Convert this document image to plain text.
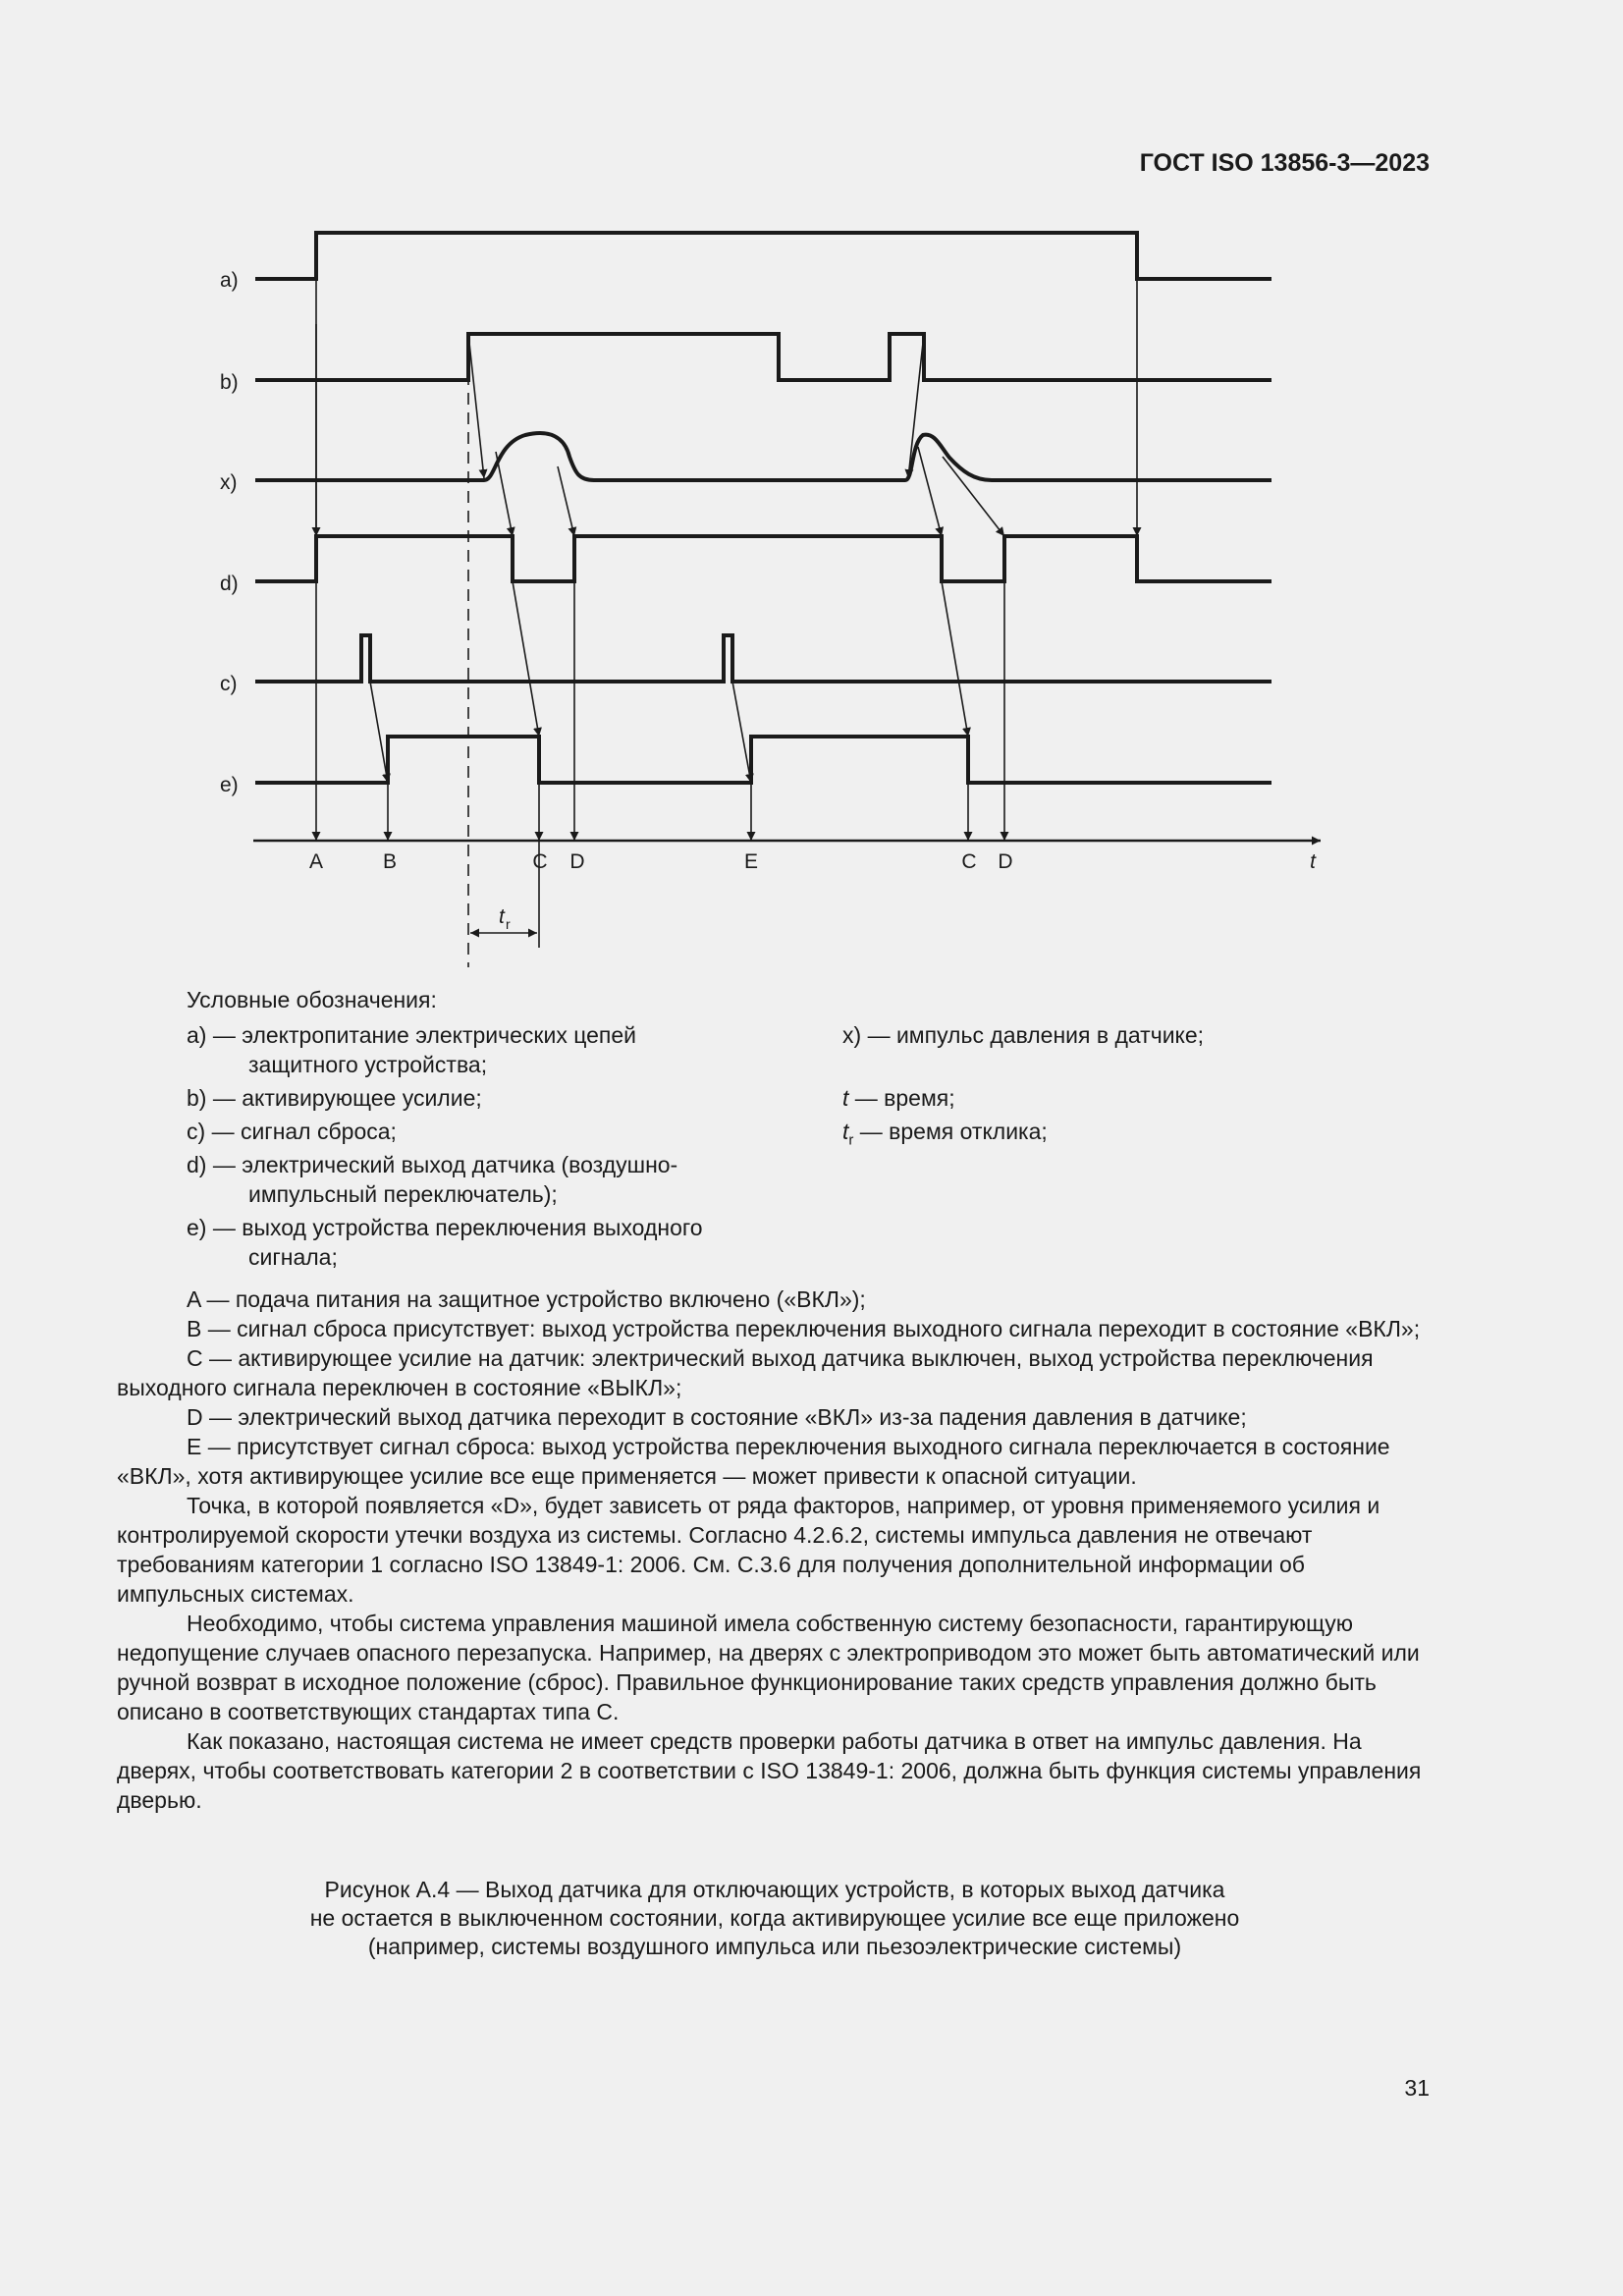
ГОСТ ISO 13856-3—2023
a)
b)
x)
d)
c)
e)
A	B	C D	E	C D	t
t r
Условные обозначения:
a) — электропитание электрических цепей
защитного устройства;
b) — активирующее усилие;
c) — сигнал сброса;
d) — электрический выход датчика (воздушно-
импульсный переключатель);
e) — выход устройства переключения выходного
сигнала;
x) — импульс давления в датчике;
t — время;
$t_r$ — время отклика;

A — подача питания на защитное устройство включено («ВКЛ»);

B — сигнал сброса присутствует: выход устройства переключения выходного сигнала переходит в состояние «ВКЛ»;

C — активирующее усилие на датчик: электрический выход датчика выключен, выход устройства переключения выходного сигнала переключен в состояние «ВЫКЛ»;

D — электрический выход датчика переходит в состояние «ВКЛ» из-за падения давления в датчике;

E — присутствует сигнал сброса: выход устройства переключения выходного сигнала переключается в состояние «ВКЛ», хотя активирующее усилие все еще применяется — может привести к опасной ситуации.

Точка, в которой появляется «D», будет зависеть от ряда факторов, например, от уровня применяемого усилия и контролируемой скорости утечки воздуха из системы. Согласно 4.2.6.2, системы импульса давления не отвечают требованиям категории 1 согласно ISO 13849-1: 2006. См. С.3.6 для получения дополнительной информации об импульсных системах.

Необходимо, чтобы система управления машиной имела собственную систему безопасности, гарантирующую недопущение случаев опасного перезапуска. Например, на дверях с электроприводом это может быть автоматический или ручной возврат в исходное положение (сброс). Правильное функционирование таких средств управления должно быть описано в соответствующих стандартах типа С.

Как показано, настоящая система не имеет средств проверки работы датчика в ответ на импульс давления. На дверях, чтобы соответствовать категории 2 в соответствии с ISO 13849-1: 2006, должна быть функция системы управления дверью.

Рисунок А.4 — Выход датчика для отключающих устройств, в которых выход датчика
не остается в выключенном состоянии, когда активирующее усилие все еще приложено
(например, системы воздушного импульса или пьезоэлектрические системы)
31
